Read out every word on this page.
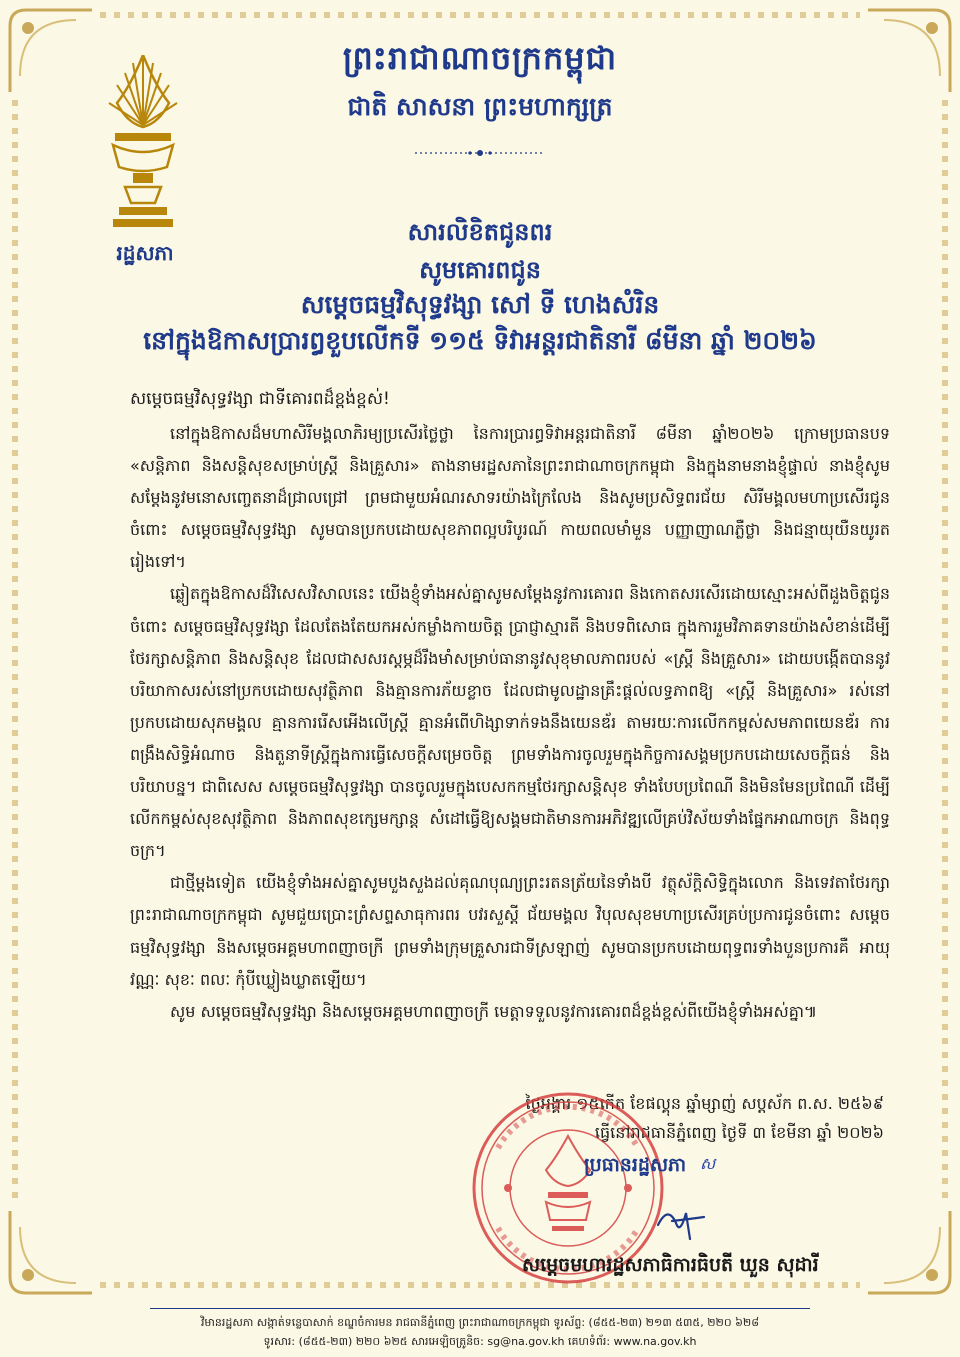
ព្រះរាជាណាចក្រកម្ពុជា
ជាតិ សាសនា ព្រះមហាក្សត្រ
រដ្ឋសភា
សារលិខិតជូនពរ
សូមគោរពជូន
សម្តេចធម្មវិសុទ្ធវង្សា សៅ ទី ហេងសំរិន
នៅក្នុងឱកាសប្រារព្ធខួបលើកទី ១១៥ ទិវាអន្តរជាតិនារី ៨មីនា ឆ្នាំ ២០២៦
សម្តេចធម្មវិសុទ្ធវង្សា ជាទីគោរពដ៏ខ្ពង់ខ្ពស់!

នៅក្នុងឱកាសដ៏មហាសិរីមង្គលាភិរម្យប្រសើរថ្លៃថ្លា នៃការប្រារព្ធទិវាអន្តរជាតិនារី ៨មីនា ឆ្នាំ២០២៦ ក្រោមប្រធានបទ «សន្តិភាព និងសន្តិសុខសម្រាប់ស្ត្រី និងគ្រួសារ» តាងនាមរដ្ឋសភានៃព្រះរាជាណាចក្រកម្ពុជា និងក្នុងនាមនាងខ្ញុំផ្ទាល់ នាងខ្ញុំសូមសម្តែងនូវមនោសញ្ចេតនាដ៏ជ្រាលជ្រៅ ព្រមជាមួយអំណរសាទរយ៉ាងក្រៃលែង និងសូមប្រសិទ្ធពរជ័យ សិរីមង្គលមហាប្រសើរជូនចំពោះ សម្តេចធម្មវិសុទ្ធវង្សា សូមបានប្រកបដោយសុខភាពល្អបរិបូរណ៍ កាយពលមាំមួន បញ្ញាញាណភ្លឺថ្លា និងជន្មាយុយឺនយូរតរៀងទៅ។

ឆ្លៀតក្នុងឱកាសដ៏វិសេសវិសាលនេះ យើងខ្ញុំទាំងអស់គ្នាសូមសម្តែងនូវការគោរព និងកោតសរសើរដោយស្មោះអស់ពីដួងចិត្តជូនចំពោះ សម្តេចធម្មវិសុទ្ធវង្សា ដែលតែងតែយកអស់កម្លាំងកាយចិត្ត ប្រាជ្ញាស្មារតី និងបទពិសោធ ក្នុងការរួមវិភាគទានយ៉ាងសំខាន់ដើម្បីថែរក្សាសន្តិភាព និងសន្តិសុខ ដែលជាសសរស្តម្ភដ៏រឹងមាំសម្រាប់ធានានូវសុខុមាលភាពរបស់ «ស្ត្រី និងគ្រួសារ» ដោយបង្កើតបាននូវបរិយាកាសរស់នៅប្រកបដោយសុវត្ថិភាព និងគ្មានការភ័យខ្លាច ដែលជាមូលដ្ឋានគ្រឹះផ្តល់លទ្ធភាពឱ្យ «ស្ត្រី និងគ្រួសារ» រស់នៅប្រកបដោយសុភមង្គល គ្មានការរើសអើងលើស្ត្រី គ្មានអំពើហិង្សាទាក់ទងនឹងយេនឌ័រ តាមរយៈការលើកកម្ពស់សមភាពយេនឌ័រ ការពង្រឹងសិទ្ធិអំណាច និងតួនាទីស្ត្រីក្នុងការធ្វើសេចក្តីសម្រេចចិត្ត ព្រមទាំងការចូលរួមក្នុងកិច្ចការសង្គមប្រកបដោយសេចក្តីធន់ និងបរិយាបន្ន។ ជាពិសេស សម្តេចធម្មវិសុទ្ធវង្សា បានចូលរួមក្នុងបេសកកម្មថែរក្សាសន្តិសុខ ទាំងបែបប្រពៃណី និងមិនមែនប្រពៃណី ដើម្បីលើកកម្ពស់សុខសុវត្ថិភាព និងភាពសុខក្សេមក្សាន្ត សំដៅធ្វើឱ្យសង្គមជាតិមានការអភិវឌ្ឍលើគ្រប់វិស័យទាំងផ្នែកអាណាចក្រ និងពុទ្ធចក្រ។

ជាថ្មីម្តងទៀត យើងខ្ញុំទាំងអស់គ្នាសូមបួងសួងដល់គុណបុណ្យព្រះរតនត្រ័យនៃទាំងបី វត្ថុស័ក្តិសិទ្ធិក្នុងលោក និងទេវតាថែរក្សាព្រះរាជាណាចក្រកម្ពុជា សូមជួយប្រោះព្រំសព្ទសាធុការពរ បវរសួស្តី ជ័យមង្គល វិបុលសុខមហាប្រសើរគ្រប់ប្រការជូនចំពោះ សម្តេចធម្មវិសុទ្ធវង្សា និងសម្តេចអគ្គមហាពញាចក្រី ព្រមទាំងក្រុមគ្រួសារជាទីស្រឡាញ់ សូមបានប្រកបដោយពុទ្ធពរទាំងបួនប្រការគឺ អាយុ វណ្ណៈ សុខៈ ពលៈ កុំបីឃ្លៀងឃ្លាតឡើយ។

សូម សម្តេចធម្មវិសុទ្ធវង្សា និងសម្តេចអគ្គមហាពញាចក្រី មេត្តាទទួលនូវការគោរពដ៏ខ្ពង់ខ្ពស់ពីយើងខ្ញុំទាំងអស់គ្នា៕

ថ្ងៃអង្គារ ១៥កើត ខែផល្គុន ឆ្នាំម្សាញ់ សប្តស័ក ព.ស. ២៥៦៩
ធ្វើនៅរាជធានីភ្នំពេញ ថ្ងៃទី ៣ ខែមីនា ឆ្នាំ ២០២៦
ប្រធានរដ្ឋសភា ស
សម្តេចមហារដ្ឋសភាធិការធិបតី ឃួន សុដារី
វិមានរដ្ឋសភា សង្កាត់ទន្លេបាសាក់ ខណ្ឌចំការមន រាជធានីភ្នំពេញ ព្រះរាជាណាចក្រកម្ពុជា ទូរស័ព្ទ: (៨៥៥-២៣) ២១៣ ៥៣៥, ២២០ ៦២៨
ទូរសារ: (៨៥៥-២៣) ២២០ ៦២៥ សារអេឡិចត្រូនិច: sg@na.gov.kh គេហទំព័រ: www.na.gov.kh
